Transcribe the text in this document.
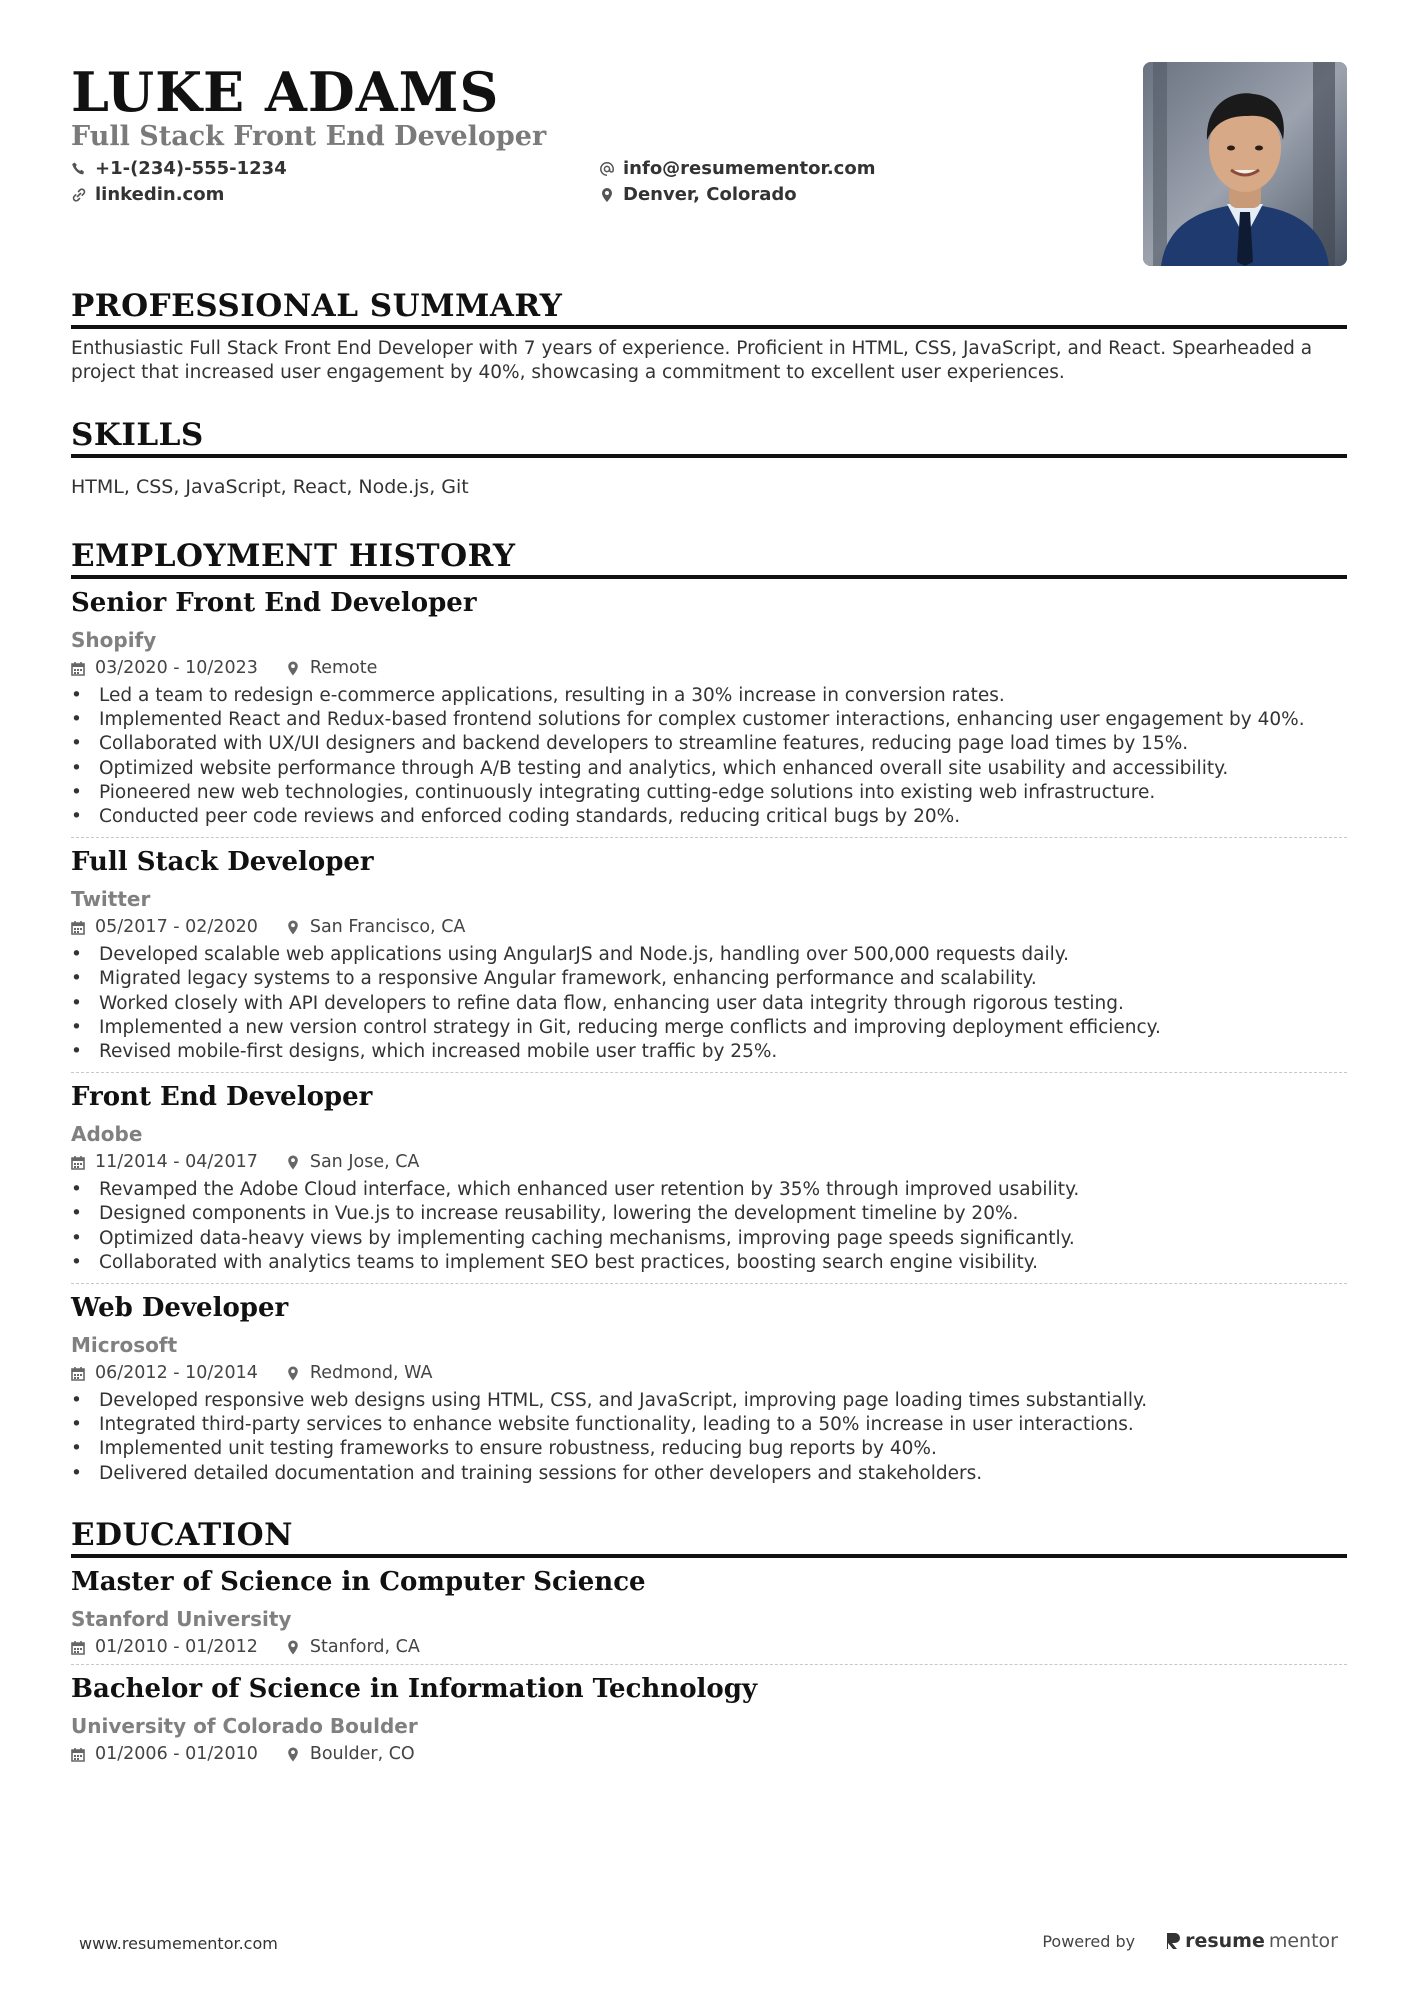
LUKE ADAMS
Full Stack Front End Developer
+1-(234)-555-1234
linkedin.com
info@resumementor.com
Denver, Colorado
PROFESSIONAL SUMMARY
Enthusiastic Full Stack Front End Developer with 7 years of experience. Proficient in HTML, CSS, JavaScript, and React. Spearheaded a project that increased user engagement by 40%, showcasing a commitment to excellent user experiences.
SKILLS
HTML, CSS, JavaScript, React, Node.js, Git
EMPLOYMENT HISTORY
Senior Front End Developer
Shopify
03/2020 - 10/2023	Remote
• Led a team to redesign e-commerce applications, resulting in a 30% increase in conversion rates.
• Implemented React and Redux-based frontend solutions for complex customer interactions, enhancing user engagement by 40%.
• Collaborated with UX/UI designers and backend developers to streamline features, reducing page load times by 15%.
• Optimized website performance through A/B testing and analytics, which enhanced overall site usability and accessibility.
• Pioneered new web technologies, continuously integrating cutting-edge solutions into existing web infrastructure.
• Conducted peer code reviews and enforced coding standards, reducing critical bugs by 20%.
Full Stack Developer
Twitter
05/2017 - 02/2020	San Francisco, CA
• Developed scalable web applications using AngularJS and Node.js, handling over 500,000 requests daily.
• Migrated legacy systems to a responsive Angular framework, enhancing performance and scalability.
• Worked closely with API developers to refine data flow, enhancing user data integrity through rigorous testing.
• Implemented a new version control strategy in Git, reducing merge conflicts and improving deployment efficiency.
• Revised mobile-first designs, which increased mobile user traffic by 25%.
Front End Developer
Adobe
11/2014 - 04/2017	San Jose, CA
• Revamped the Adobe Cloud interface, which enhanced user retention by 35% through improved usability.
• Designed components in Vue.js to increase reusability, lowering the development timeline by 20%.
• Optimized data-heavy views by implementing caching mechanisms, improving page speeds significantly.
• Collaborated with analytics teams to implement SEO best practices, boosting search engine visibility.
Web Developer
Microsoft
06/2012 - 10/2014	Redmond, WA
• Developed responsive web designs using HTML, CSS, and JavaScript, improving page loading times substantially.
• Integrated third-party services to enhance website functionality, leading to a 50% increase in user interactions.
• Implemented unit testing frameworks to ensure robustness, reducing bug reports by 40%.
• Delivered detailed documentation and training sessions for other developers and stakeholders.
EDUCATION
Master of Science in Computer Science
Stanford University
01/2010 - 01/2012	Stanford, CA
Bachelor of Science in Information Technology
University of Colorado Boulder
01/2006 - 01/2010	Boulder, CO
www.resumementor.com	Powered by	resume mentor
